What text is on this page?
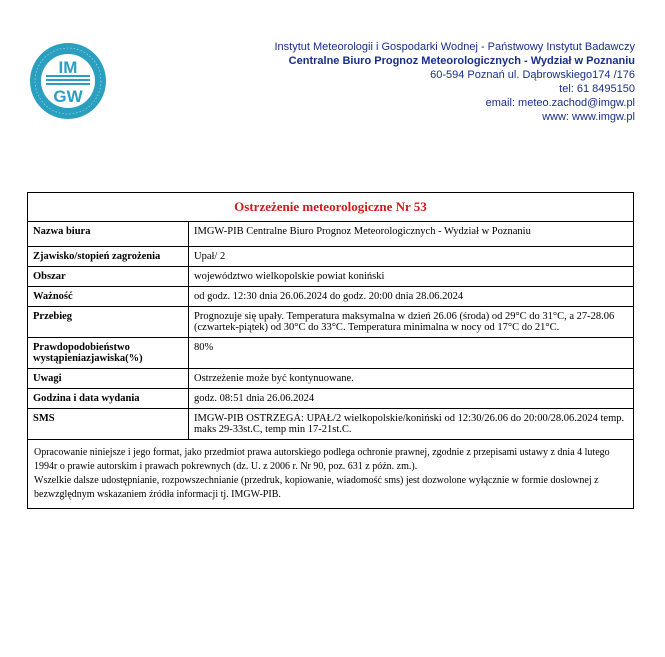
IM
GW
Instytut Meteorologii i Gospodarki Wodnej - Państwowy Instytut Badawczy
Centralne Biuro Prognoz Meteorologicznych - Wydział w Poznaniu
60-594 Poznań ul. Dąbrowskiego174 /176
tel: 61 8495150
email: meteo.zachod@imgw.pl
www: www.imgw.pl
Ostrzeżenie meteorologiczne Nr 53	
Nazwa biura	IMGW-PIB Centralne Biuro Prognoz Meteorologicznych - Wydział w Poznaniu
Zjawisko/stopień zagrożenia	Upał/ 2
Obszar	województwo wielkopolskie powiat koniński
Ważność	od godz. 12:30 dnia 26.06.2024 do godz. 20:00 dnia 28.06.2024
Przebieg	Prognozuje się upały. Temperatura maksymalna w dzień 26.06 (środa) od 29°C do 31°C, a 27-28.06 (czwartek-piątek) od 30°C do 33°C. Temperatura minimalna w nocy od 17°C do 21°C.
Prawdopodobieństwo wystąpieniazjawiska(%)	80%
Uwagi	Ostrzeżenie może być kontynuowane.
Godzina i data wydania	godz. 08:51 dnia 26.06.2024
SMS	IMGW-PIB OSTRZEGA: UPAŁ/2 wielkopolskie/koniński od 12:30/26.06 do 20:00/28.06.2024 temp. maks 29-33st.C, temp min 17-21st.C.

Opracowanie niniejsze i jego format, jako przedmiot prawa autorskiego podlega ochronie prawnej, zgodnie z przepisami ustawy z dnia 4 lutego 1994r o prawie autorskim i prawach pokrewnych (dz. U. z 2006 r. Nr 90, poz. 631 z późn. zm.).
Wszelkie dalsze udostępnianie, rozpowszechnianie (przedruk, kopiowanie, wiadomość sms) jest dozwolone wyłącznie w formie doslownej z bezwzględnym wskazaniem źródła informacji tj. IMGW-PIB.	
